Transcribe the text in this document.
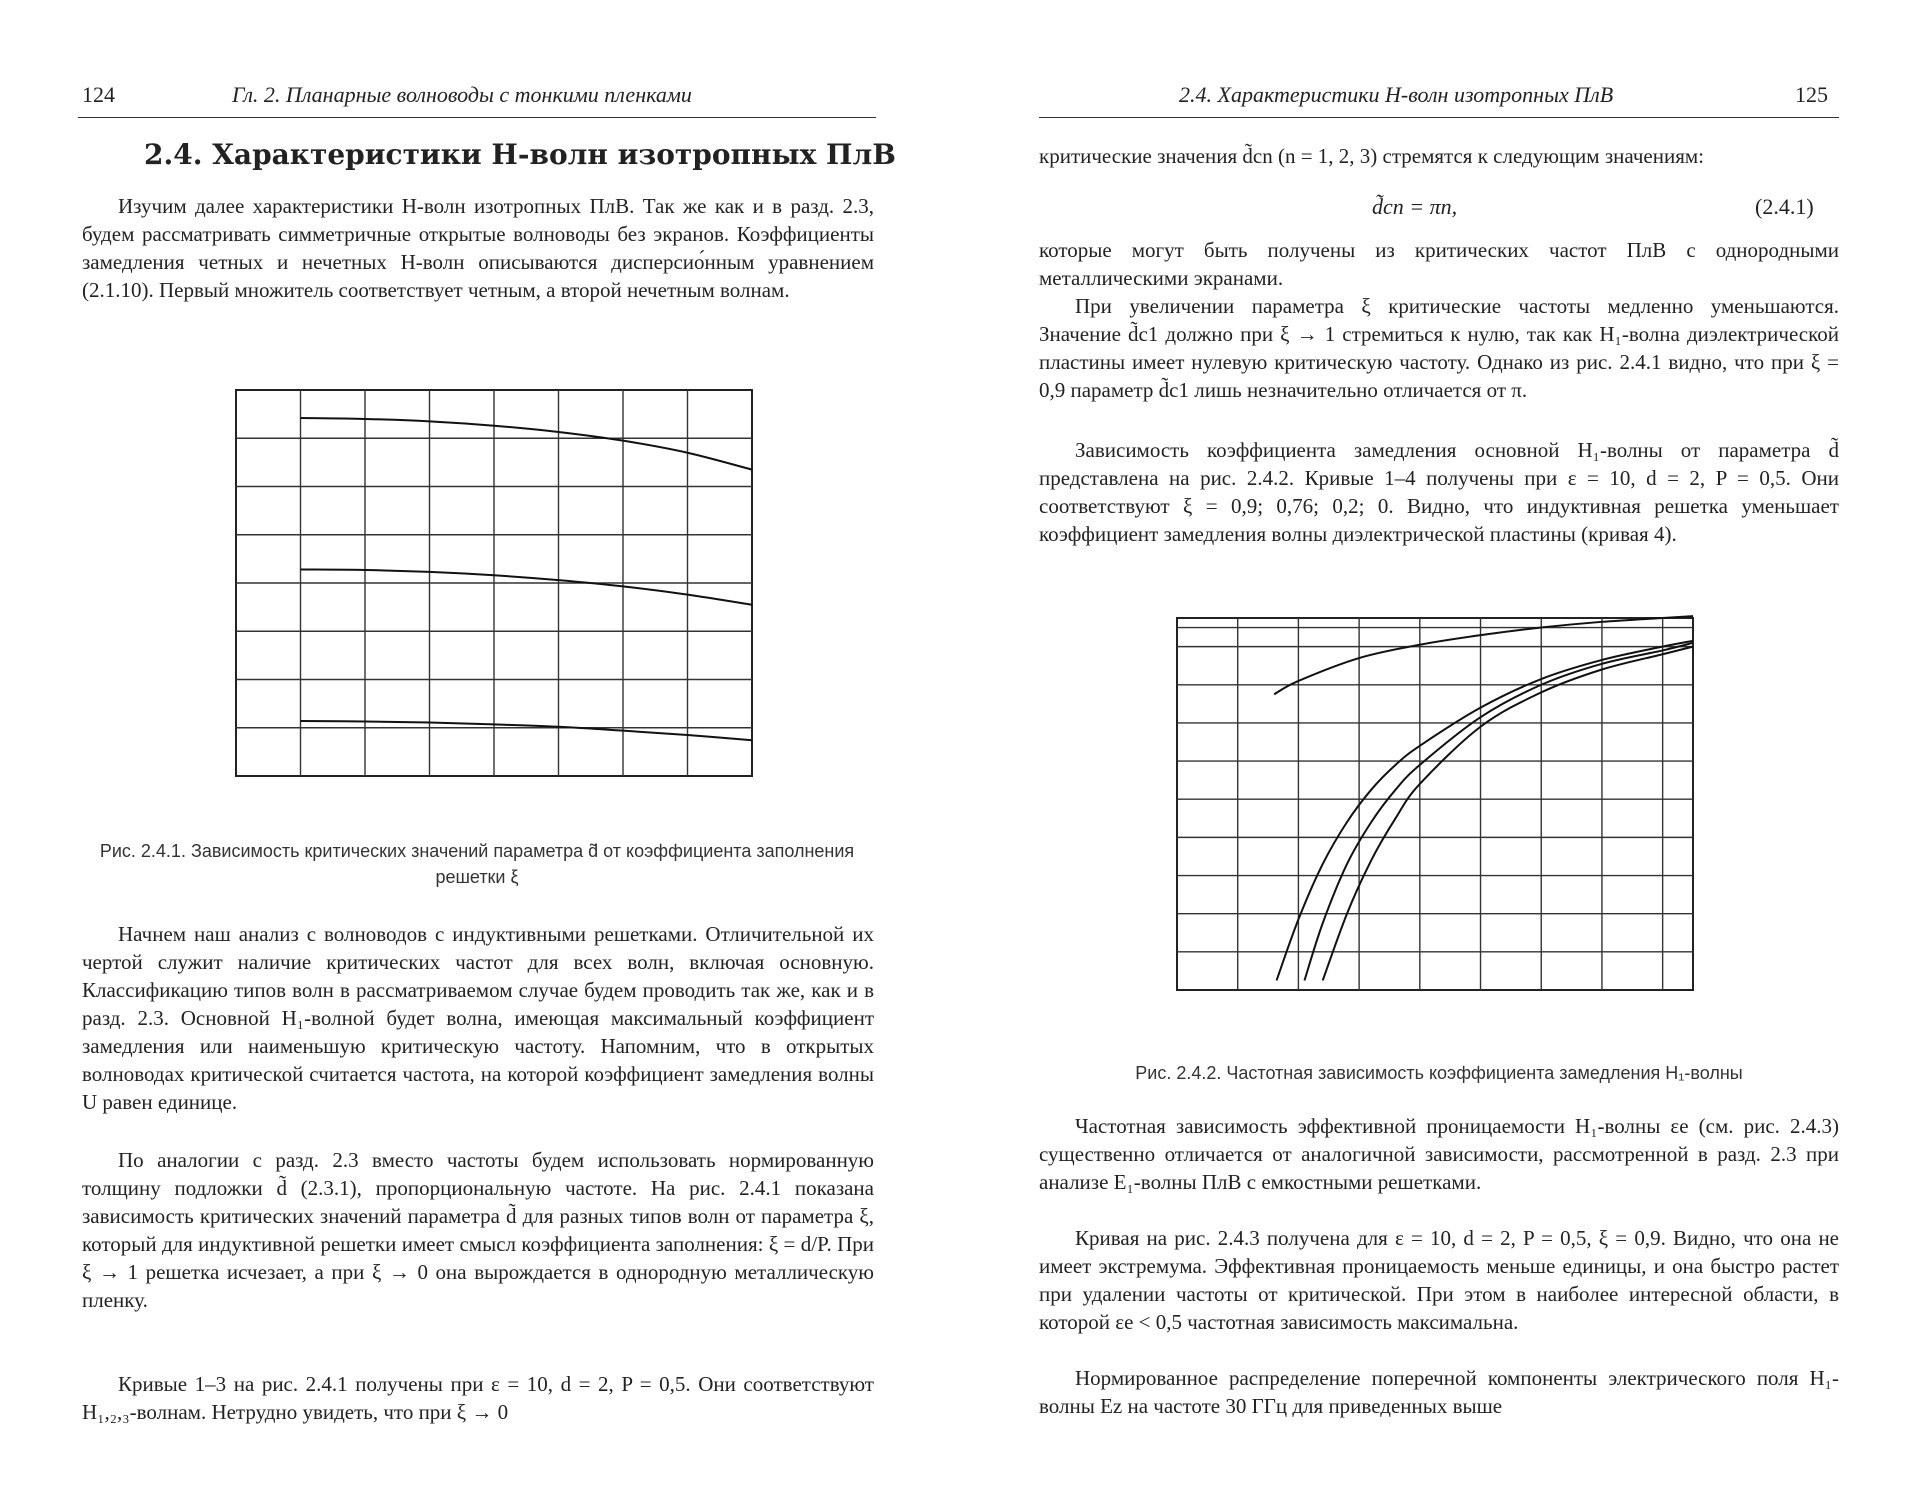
124	Гл. 2. Планарные волноводы с тонкими пленками
2.4. Характеристики H-волн изотропных ПлВ

Изучим далее характеристики H-волн изотропных ПлВ. Так же как и в разд. 2.3, будем рассматривать симметричные открытые волноводы без экранов. Коэффициенты замедления четных и нечетных H-волн описываются дисперсио́нным уравнением (2.1.10). Первый множитель соответствует четным, а второй нечетным волнам.

Рис. 2.4.1. Зависимость критических значений параметра d̃ от коэффициента заполнения решетки ξ

Начнем наш анализ с волноводов с индуктивными решетками. Отличительной их чертой служит наличие критических частот для всех волн, включая основную. Классификацию типов волн в рассматриваемом случае будем проводить так же, как и в разд. 2.3. Основной H₁-волной будет волна, имеющая максимальный коэффициент замедления или наименьшую критическую частоту. Напомним, что в открытых волноводах критической считается частота, на которой коэффициент замедления волны U равен единице.

По аналогии с разд. 2.3 вместо частоты будем использовать нормированную толщину подложки d̃ (2.3.1), пропорциональную частоте. На рис. 2.4.1 показана зависимость критических значений параметра d̃ для разных типов волн от параметра ξ, который для индуктивной решетки имеет смысл коэффициента заполнения: ξ = d/P. При ξ → 1 решетка исчезает, а при ξ → 0 она вырождается в однородную металлическую пленку.

Кривые 1–3 на рис. 2.4.1 получены при ε = 10, d = 2, P = 0,5. Они соответствуют H₁,₂,₃-волнам. Нетрудно увидеть, что при ξ → 0

2.4. Характеристики H-волн изотропных ПлВ	125

критические значения d̃cn (n = 1, 2, 3) стремятся к следующим значениям:

d̃cn = πn,	(2.4.1)

которые могут быть получены из критических частот ПлВ с однородными металлическими экранами.

При увеличении параметра ξ критические частоты медленно уменьшаются. Значение d̃c1 должно при ξ → 1 стремиться к нулю, так как H₁-волна диэлектрической пластины имеет нулевую критическую частоту. Однако из рис. 2.4.1 видно, что при ξ = 0,9 параметр d̃c1 лишь незначительно отличается от π.

Зависимость коэффициента замедления основной H₁-волны от параметра d̃ представлена на рис. 2.4.2. Кривые 1–4 получены при ε = 10, d = 2, P = 0,5. Они соответствуют ξ = 0,9; 0,76; 0,2; 0. Видно, что индуктивная решетка уменьшает коэффициент замедления волны диэлектрической пластины (кривая 4).

Рис. 2.4.2. Частотная зависимость коэффициента замедления H₁-волны

Частотная зависимость эффективной проницаемости H₁-волны εe (см. рис. 2.4.3) существенно отличается от аналогичной зависимости, рассмотренной в разд. 2.3 при анализе E₁-волны ПлВ с емкостными решетками.

Кривая на рис. 2.4.3 получена для ε = 10, d = 2, P = 0,5, ξ = 0,9. Видно, что она не имеет экстремума. Эффективная проницаемость меньше единицы, и она быстро растет при удалении частоты от критической. При этом в наиболее интересной области, в которой εe < 0,5 частотная зависимость максимальна.

Нормированное распределение поперечной компоненты электрического поля H₁-волны Ez на частоте 30 ГГц для приведенных выше
